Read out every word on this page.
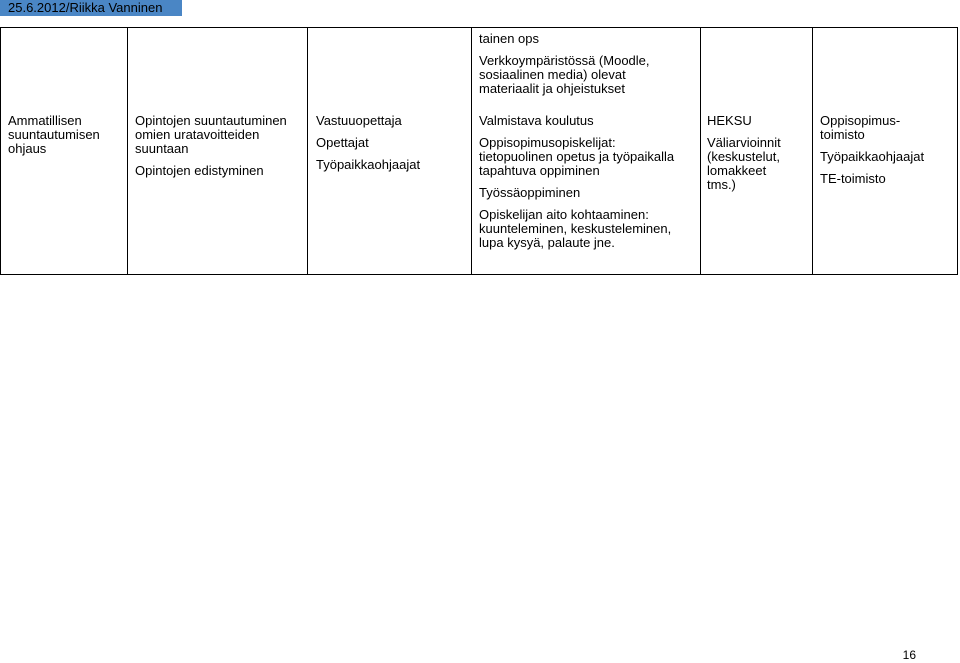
25.6.2012/Riikka Vanninen

tainen ops

Verkkoympäristössä (Moodle,
sosiaalinen media) olevat
materiaalit ja ohjeistukset

Ammatillisen
suuntautumisen
ohjaus

Opintojen suuntautuminen
omien uratavoitteiden
suuntaan

Opintojen edistyminen

Vastuuopettaja

Opettajat

Työpaikkaohjaajat

Valmistava koulutus

Oppisopimusopiskelijat:
tietopuolinen opetus ja työpaikalla
tapahtuva oppiminen

Työssäoppiminen

Opiskelijan aito kohtaaminen:
kuunteleminen, keskusteleminen,
lupa kysyä, palaute jne.

HEKSU

Väliarvioinnit
(keskustelut,
lomakkeet
tms.)

Oppisopimus-
toimisto

Työpaikkaohjaajat

TE-toimisto

16
